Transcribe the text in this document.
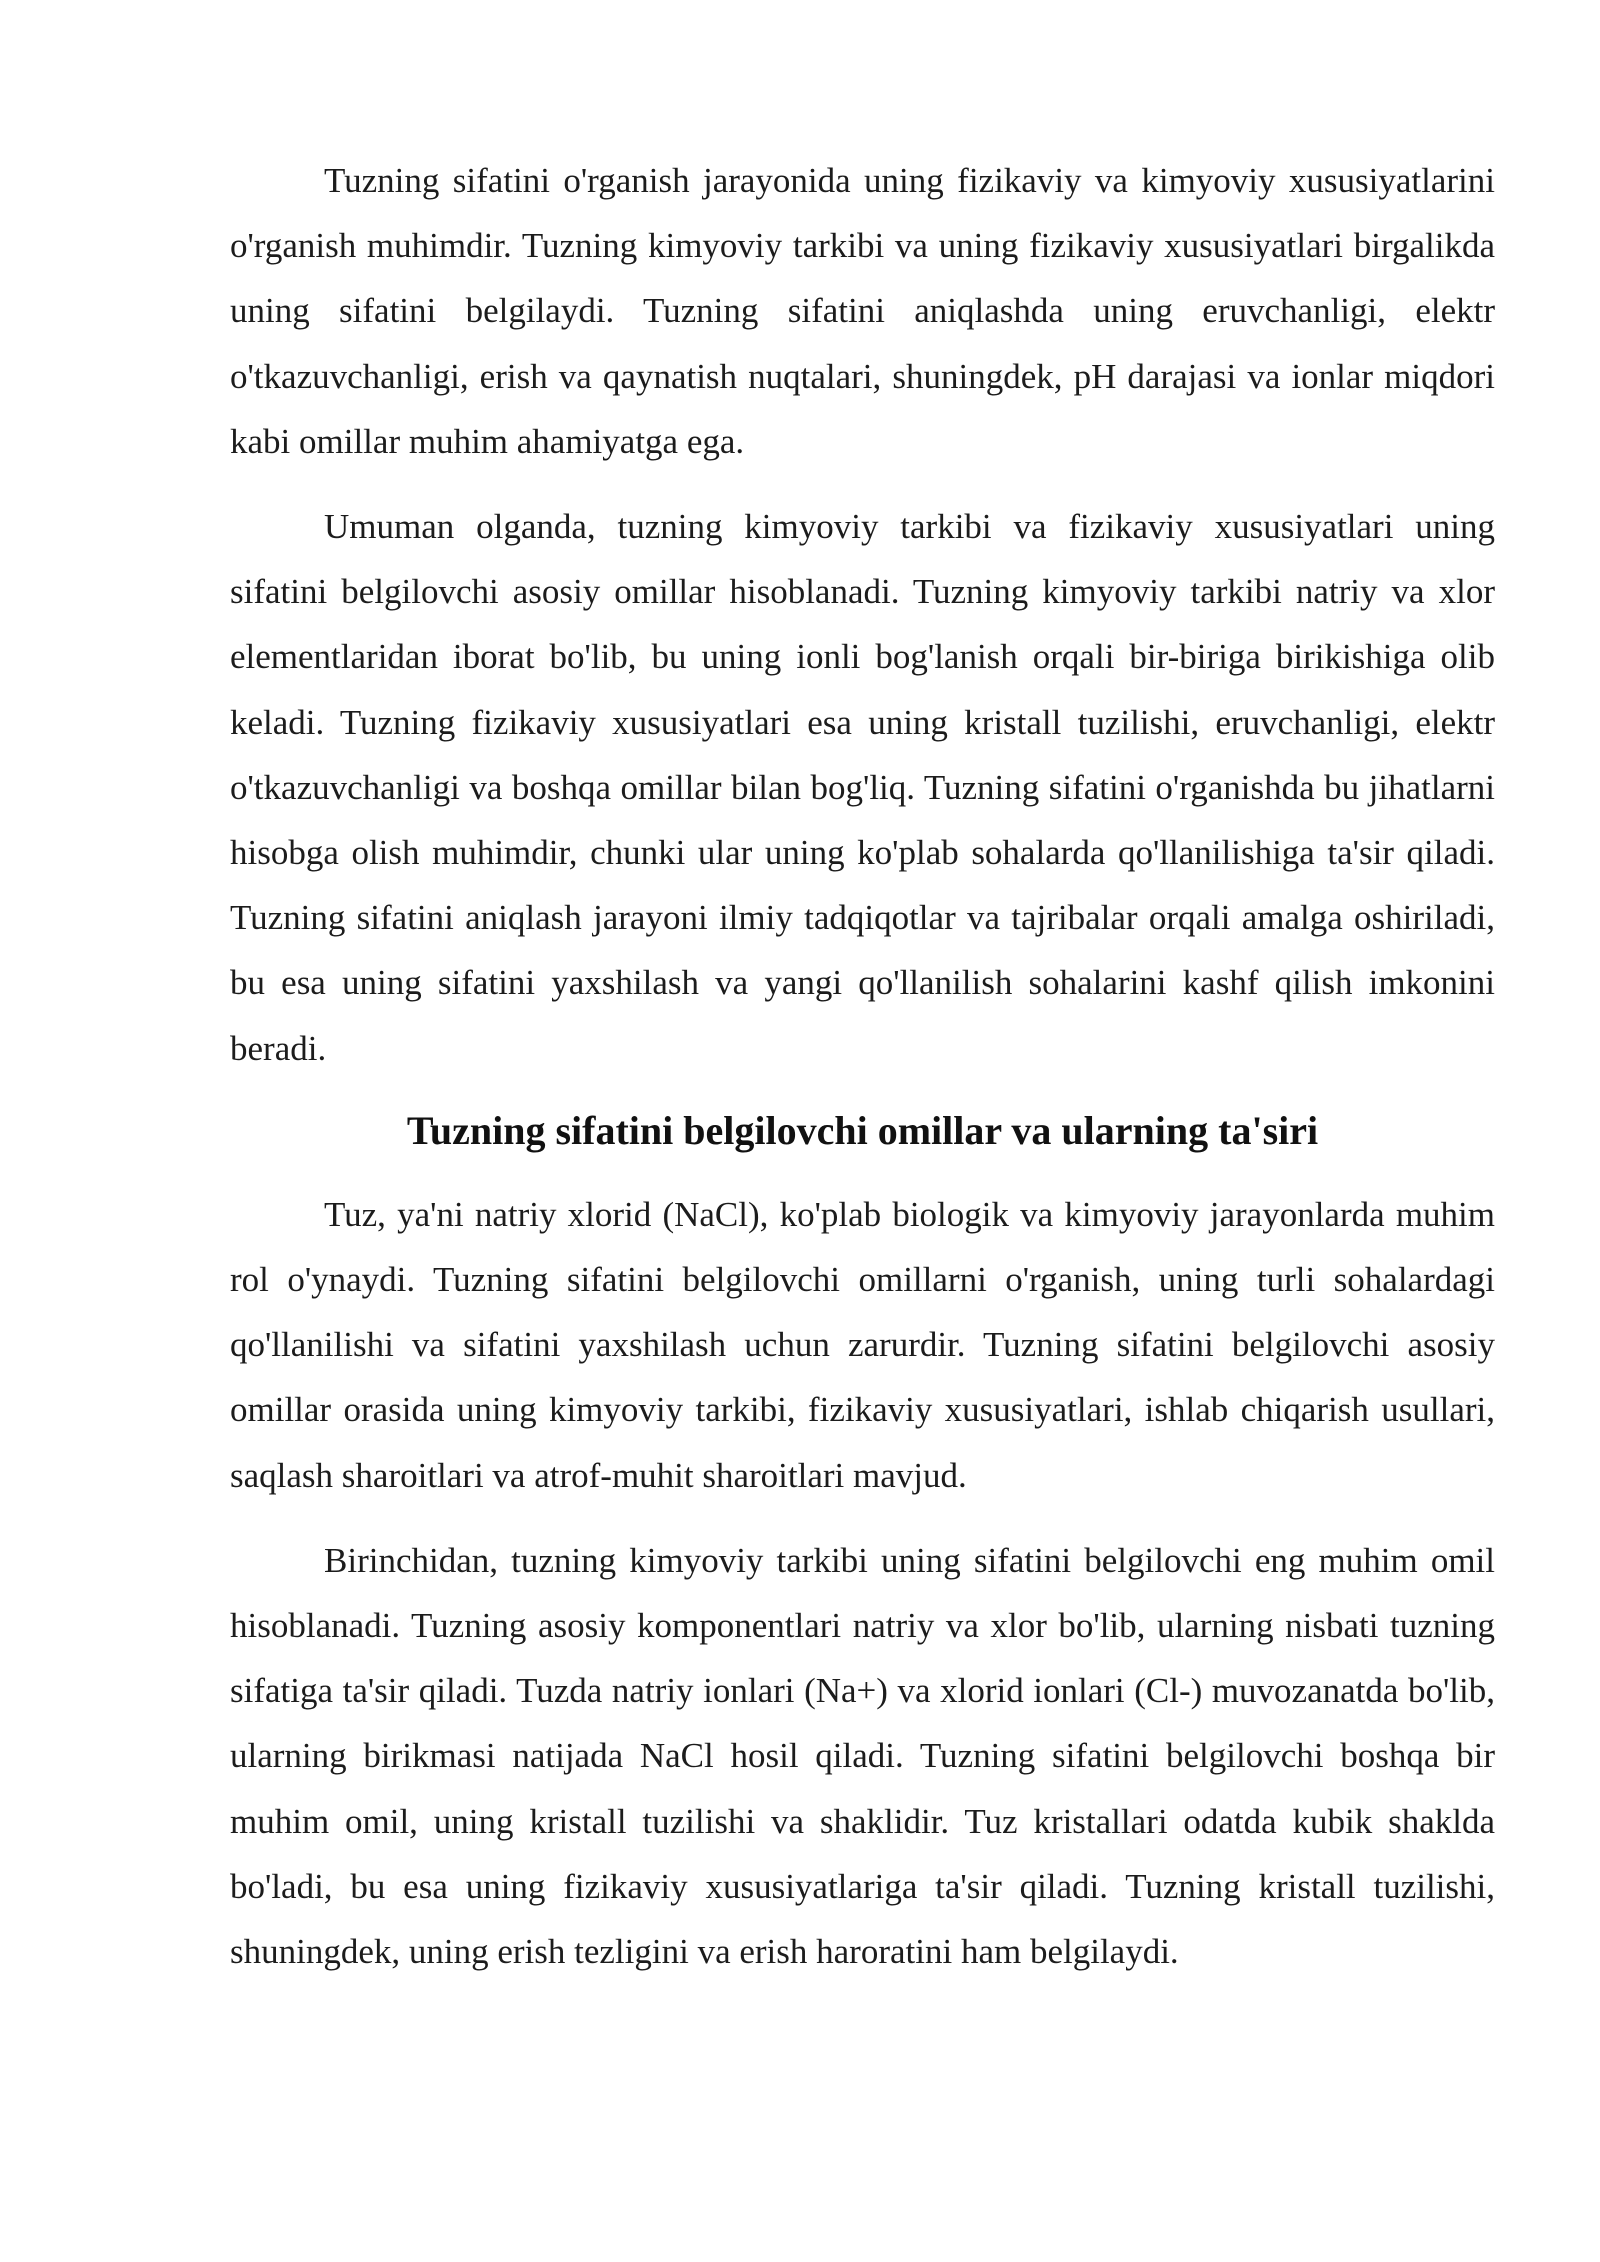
Tuzning sifatini o'rganish jarayonida uning fizikaviy va kimyoviy xususiyatlarini o'rganish muhimdir. Tuzning kimyoviy tarkibi va uning fizikaviy xususiyatlari birgalikda uning sifatini belgilaydi. Tuzning sifatini aniqlashda uning eruvchanligi, elektr o'tkazuvchanligi, erish va qaynatish nuqtalari, shuningdek, pH darajasi va ionlar miqdori kabi omillar muhim ahamiyatga ega.

Umuman olganda, tuzning kimyoviy tarkibi va fizikaviy xususiyatlari uning sifatini belgilovchi asosiy omillar hisoblanadi. Tuzning kimyoviy tarkibi natriy va xlor elementlaridan iborat bo'lib, bu uning ionli bog'lanish orqali bir-biriga birikishiga olib keladi. Tuzning fizikaviy xususiyatlari esa uning kristall tuzilishi, eruvchanligi, elektr o'tkazuvchanligi va boshqa omillar bilan bog'liq. Tuzning sifatini o'rganishda bu jihatlarni hisobga olish muhimdir, chunki ular uning ko'plab sohalarda qo'llanilishiga ta'sir qiladi. Tuzning sifatini aniqlash jarayoni ilmiy tadqiqotlar va tajribalar orqali amalga oshiriladi, bu esa uning sifatini yaxshilash va yangi qo'llanilish sohalarini kashf qilish imkonini beradi.

Tuzning sifatini belgilovchi omillar va ularning ta'siri

Tuz, ya'ni natriy xlorid (NaCl), ko'plab biologik va kimyoviy jarayonlarda muhim rol o'ynaydi. Tuzning sifatini belgilovchi omillarni o'rganish, uning turli sohalardagi qo'llanilishi va sifatini yaxshilash uchun zarurdir. Tuzning sifatini belgilovchi asosiy omillar orasida uning kimyoviy tarkibi, fizikaviy xususiyatlari, ishlab chiqarish usullari, saqlash sharoitlari va atrof-muhit sharoitlari mavjud.

Birinchidan, tuzning kimyoviy tarkibi uning sifatini belgilovchi eng muhim omil hisoblanadi. Tuzning asosiy komponentlari natriy va xlor bo'lib, ularning nisbati tuzning sifatiga ta'sir qiladi. Tuzda natriy ionlari (Na+) va xlorid ionlari (Cl-) muvozanatda bo'lib, ularning birikmasi natijada NaCl hosil qiladi. Tuzning sifatini belgilovchi boshqa bir muhim omil, uning kristall tuzilishi va shaklidir. Tuz kristallari odatda kubik shaklda bo'ladi, bu esa uning fizikaviy xususiyatlariga ta'sir qiladi. Tuzning kristall tuzilishi, shuningdek, uning erish tezligini va erish haroratini ham belgilaydi.
